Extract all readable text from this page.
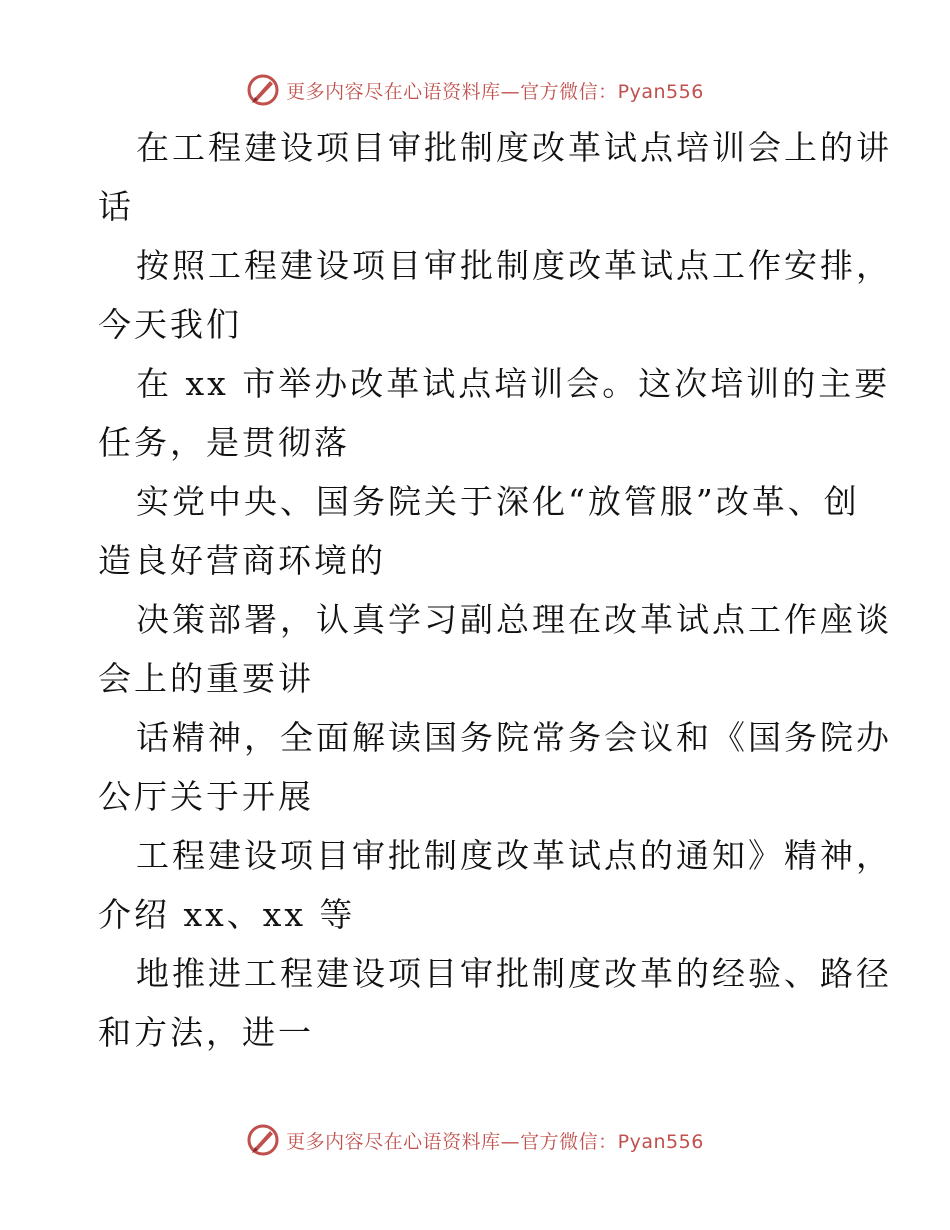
更多内容尽在心语资料库—官方微信：Pyan556
在工程建设项目审批制度改革试点培训会上的讲
话
按照工程建设项目审批制度改革试点工作安排，
今天我们
在 xx 市举办改革试点培训会。这次培训的主要
任务，是贯彻落
实党中央、国务院关于深化“放管服”改革、创
造良好营商环境的
决策部署，认真学习副总理在改革试点工作座谈
会上的重要讲
话精神，全面解读国务院常务会议和《国务院办
公厅关于开展
工程建设项目审批制度改革试点的通知》精神，
介绍 xx、xx 等
地推进工程建设项目审批制度改革的经验、路径
和方法，进一
更多内容尽在心语资料库—官方微信：Pyan556
